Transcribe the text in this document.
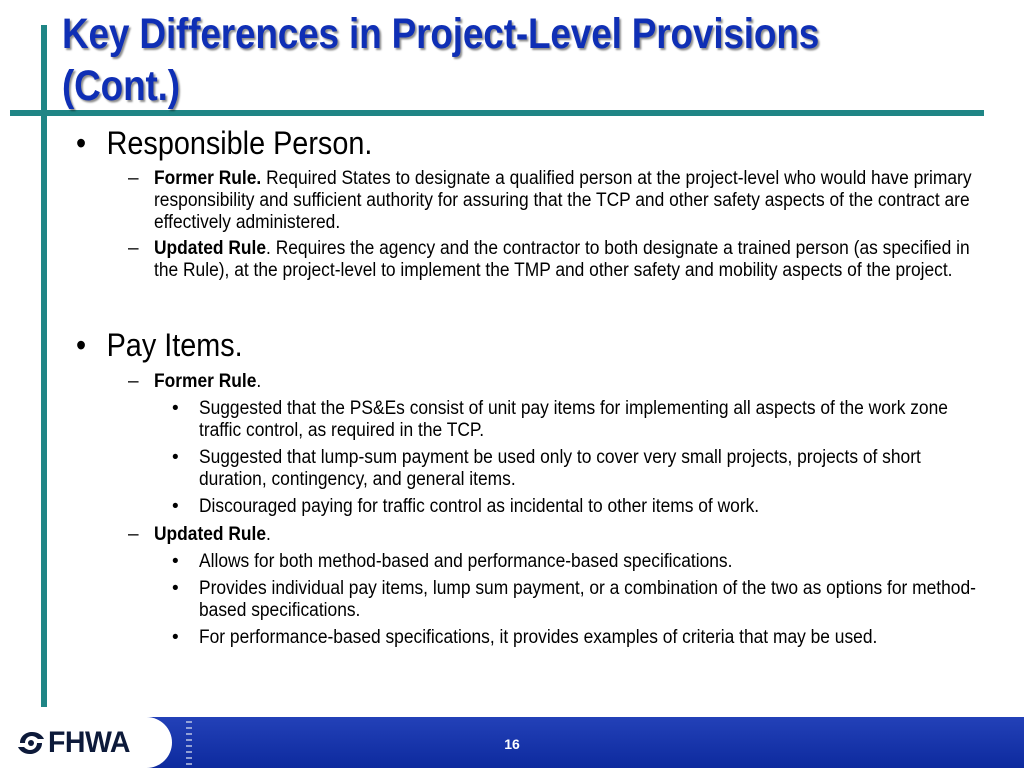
Key Differences in Project-Level Provisions
(Cont.)
• Responsible Person.
– Former Rule. Required States to designate a qualified person at the project-level who would have primary responsibility and sufficient authority for assuring that the TCP and other safety aspects of the contract are effectively administered.
– Updated Rule. Requires the agency and the contractor to both designate a trained person (as specified in the Rule), at the project-level to implement the TMP and other safety and mobility aspects of the project.
• Pay Items.
– Former Rule.
• Suggested that the PS&Es consist of unit pay items for implementing all aspects of the work zone traffic control, as required in the TCP.
• Suggested that lump-sum payment be used only to cover very small projects, projects of short duration, contingency, and general items.
• Discouraged paying for traffic control as incidental to other items of work.
– Updated Rule.
• Allows for both method-based and performance-based specifications.
• Provides individual pay items, lump sum payment, or a combination of the two as options for method-based specifications.
• For performance-based specifications, it provides examples of criteria that may be used.
FHWA	16
